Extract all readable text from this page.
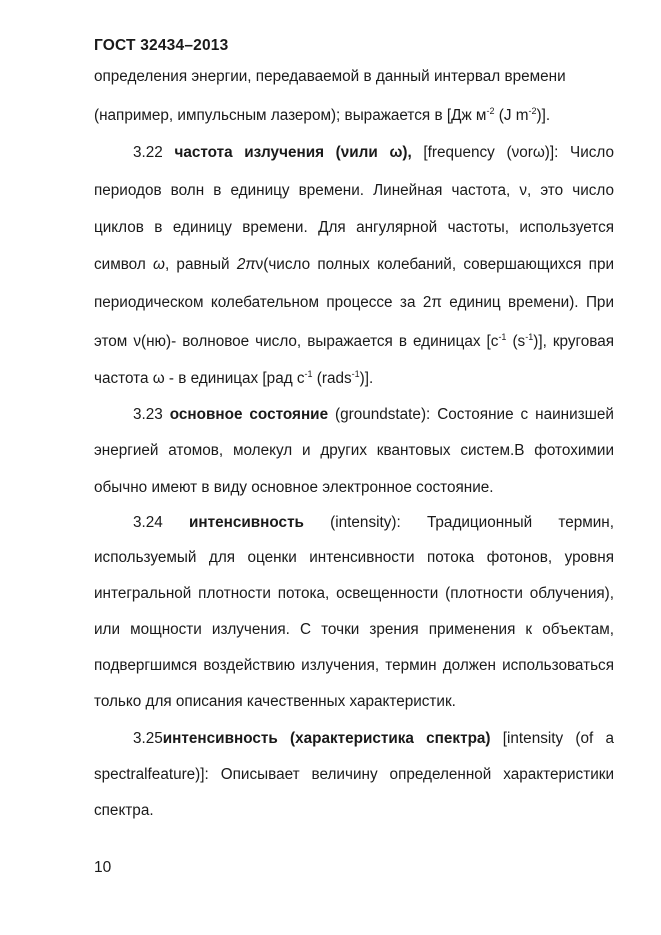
ГОСТ 32434–2013
определения энергии, передаваемой в данный интервал времени
(например, импульсным лазером); выражается в [Дж $м^{-2}$ (J $m^{-2}$)].
3.22 частота излучения (νили ω), [frequency (νorω)]: Число
периодов волн в единицу времени. Линейная частота, ν, это число
циклов в единицу времени. Для ангулярной частоты, используется
символ ω, равный 2πν(число полных колебаний, совершающихся при
периодическом колебательном процессе за 2π единиц времени). При
этом ν(ню)- волновое число, выражается в единицах [$с^{-1}$ $(s^{-1})$], круговая
частота ω - в единицах [рад $с^{-1}$ (rads$^{-1}$)].
3.23 основное состояние (groundstate): Состояние с наинизшей
энергией атомов, молекул и других квантовых систем.В фотохимии
обычно имеют в виду основное электронное состояние.
3.24 интенсивность (intensity): Традиционный термин,
используемый для оценки интенсивности потока фотонов, уровня
интегральной плотности потока, освещенности (плотности облучения),
или мощности излучения. С точки зрения применения к объектам,
подвергшимся воздействию излучения, термин должен использоваться
только для описания качественных характеристик.
3.25интенсивность (характеристика спектра) [intensity (of a
spectralfeature)]: Описывает величину определенной характеристики
спектра.
10
